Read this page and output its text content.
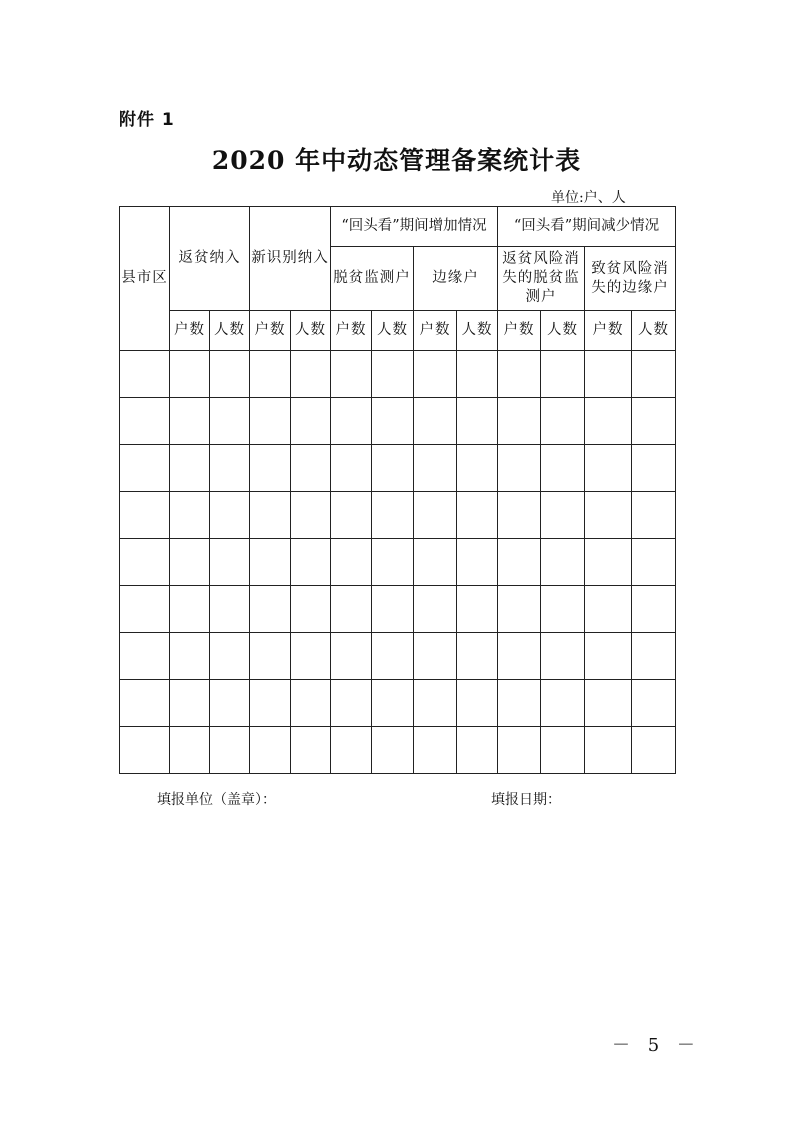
附件 1
2020 年中动态管理备案统计表
单位:户、人
县市区	返贫纳入		新识别纳入		“回头看”期间增加情况				“回头看”期间减少情况			
					脱贫监测户		边缘户		返贫风险消失的脱贫监测户		致贫风险消失的边缘户	
	户数	人数	户数	人数	户数	人数	户数	人数	户数	人数	户数	人数

填报单位（盖章）：	填报日期：
－ 5 －
